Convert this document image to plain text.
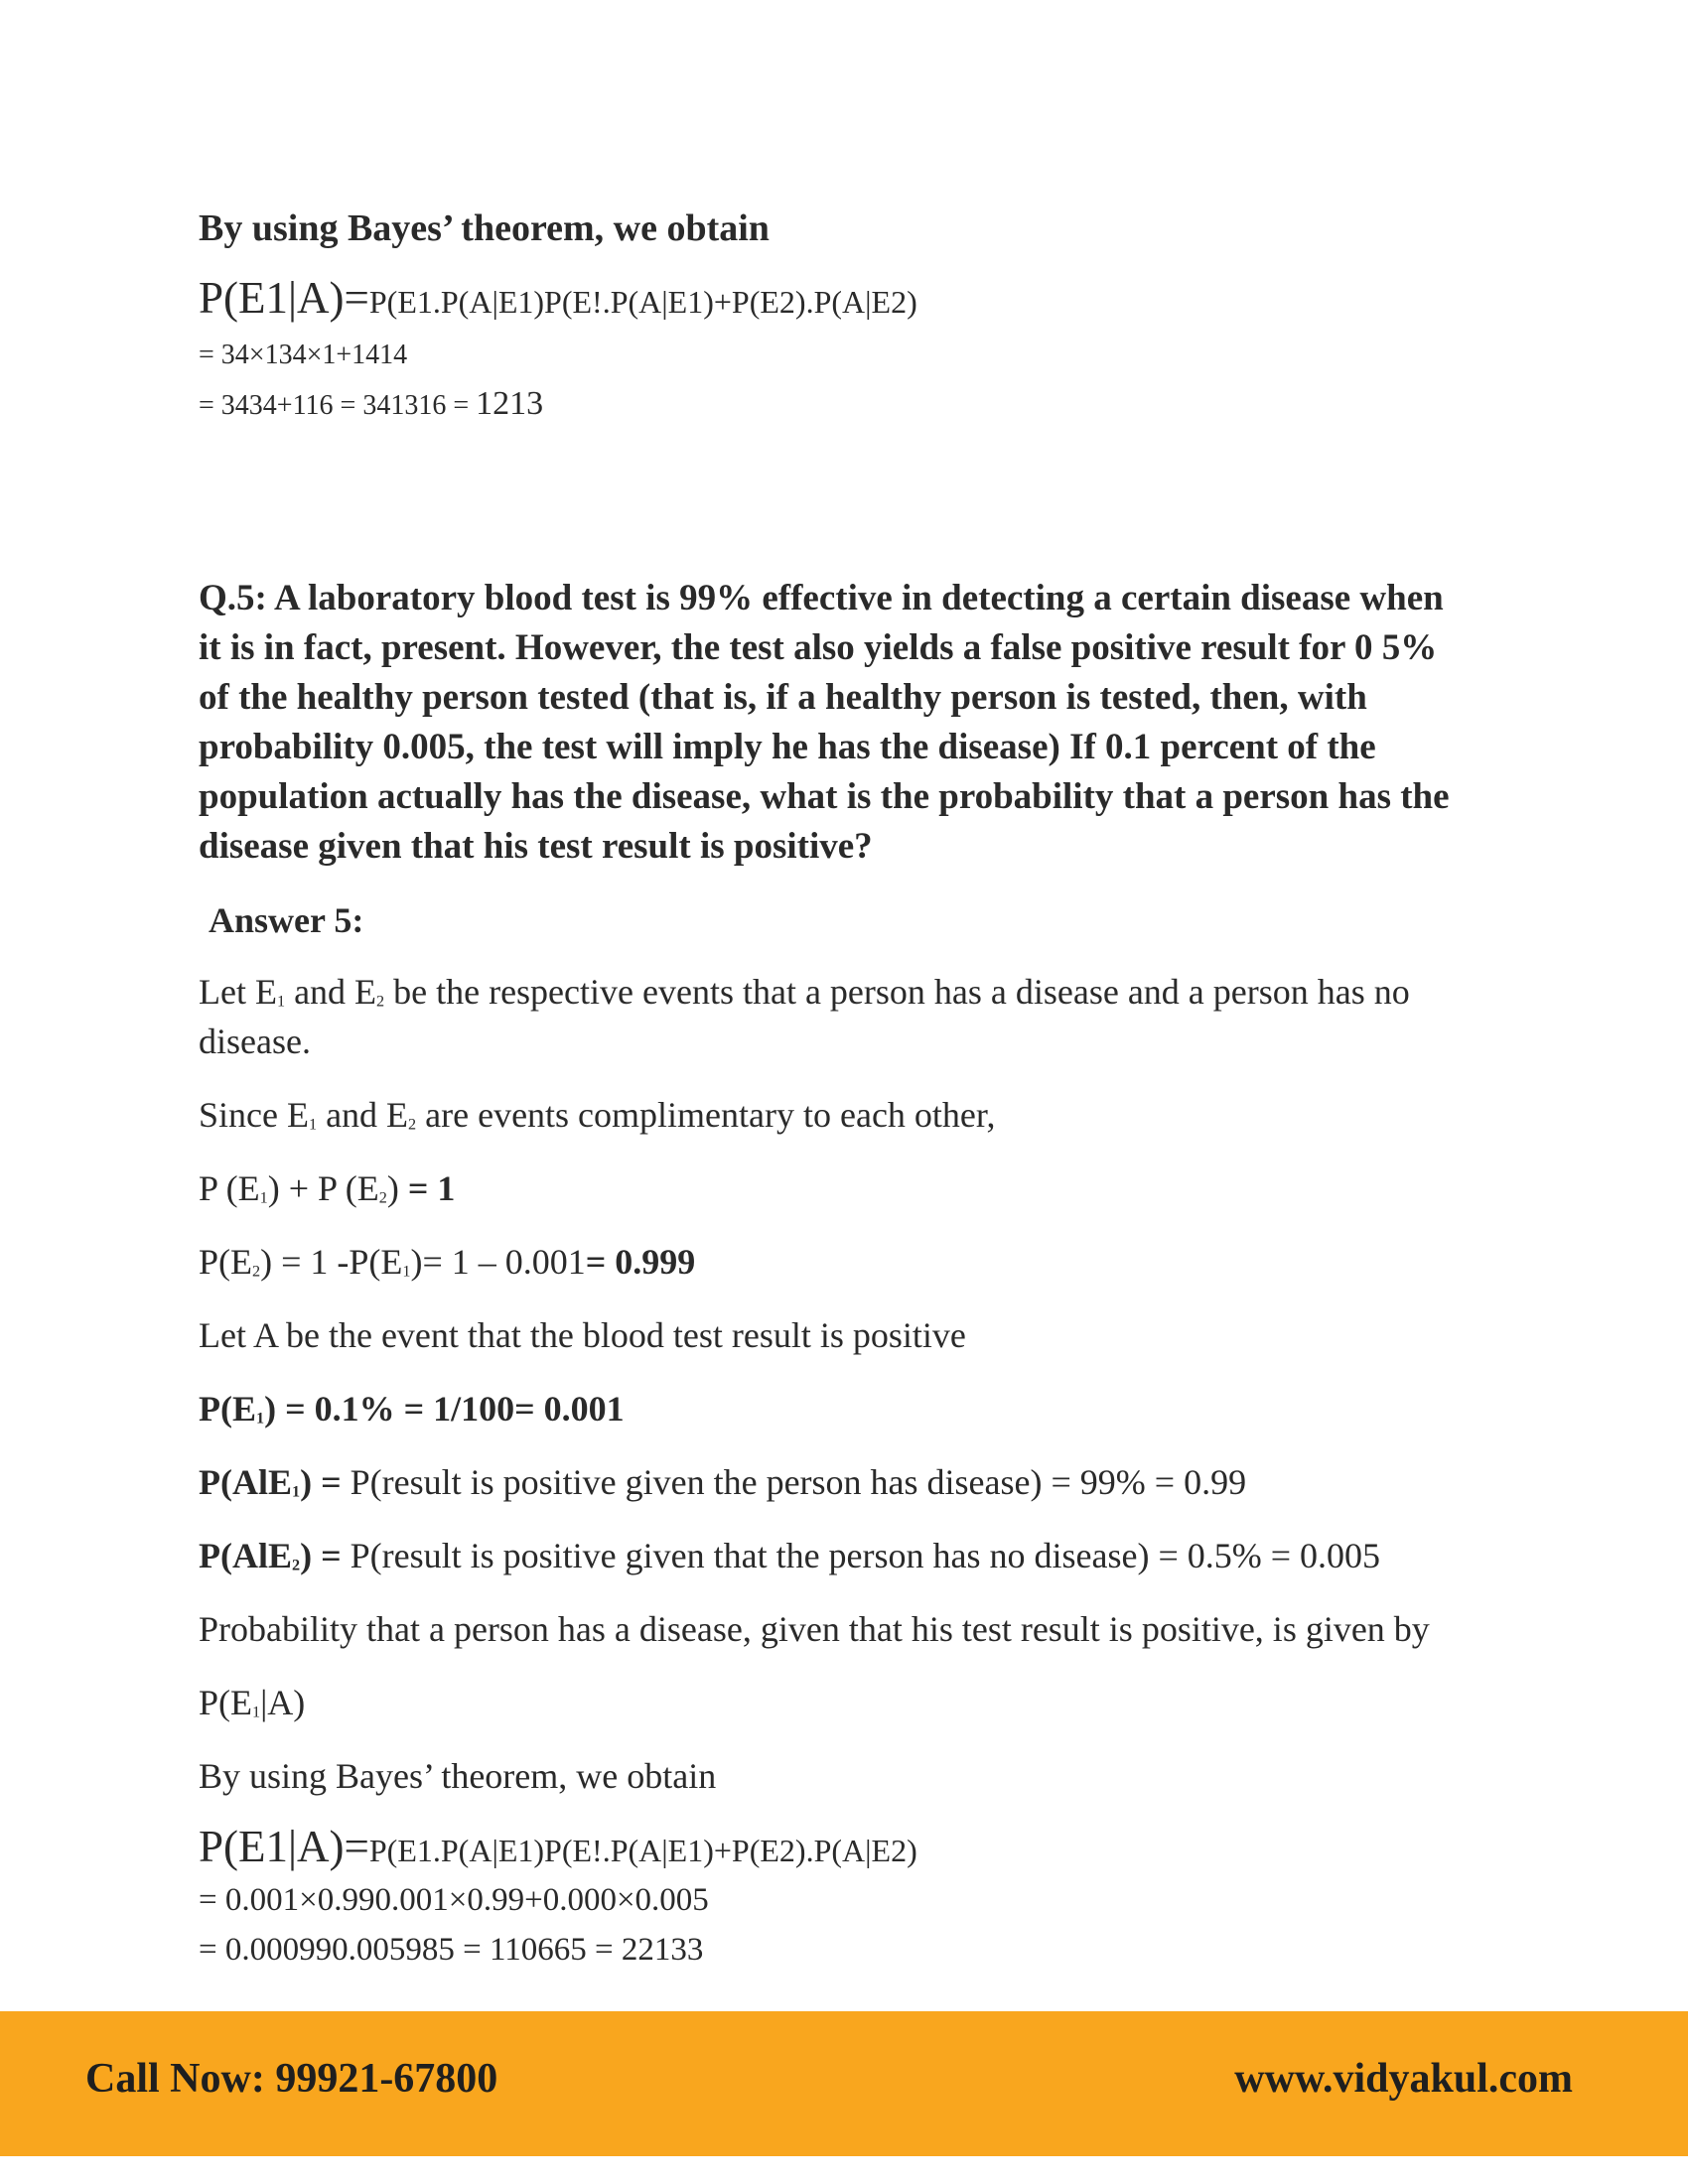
By using Bayes’ theorem, we obtain
P(E1|A)=P(E1.P(A|E1)P(E!.P(A|E1)+P(E2).P(A|E2)
= 34×134×1+1414
= 3434+116 = 341316 = 1213
Q.5: A laboratory blood test is 99% effective in detecting a certain disease when
it is in fact, present. However, the test also yields a false positive result for 0 5%
of the healthy person tested (that is, if a healthy person is tested, then, with
probability 0.005, the test will imply he has the disease) If 0.1 percent of the
population actually has the disease, what is the probability that a person has the
disease given that his test result is positive?
Answer 5:
Let $E_1$ and $E_2$ be the respective events that a person has a disease and a person has no
disease.
Since $E_1$ and $E_2$ are events complimentary to each other,
P $(E_1) + P$ $(E_2) = 1$
$P(E_2) = 1$ $-P(E_1)= 1 - 0.001= 0.999$
Let A be the event that the blood test result is positive
$P(E_1) = 0.1\% = 1/100= 0.001$
P(AlE$_1$) = P(result is positive given the person has disease) = 99% = 0.99
P(AlE$_2$) = P(result is positive given that the person has no disease) = 0.5% = 0.005
Probability that a person has a disease, given that his test result is positive, is given by
$P(E_1|A)$
By using Bayes’ theorem, we obtain
P(E1|A)=P(E1.P(A|E1)P(E!.P(A|E1)+P(E2).P(A|E2)
= 0.001×0.990.001×0.99+0.000×0.005
= 0.000990.005985 = 110665 = 22133
Call Now: 99921-67800	www.vidyakul.com
